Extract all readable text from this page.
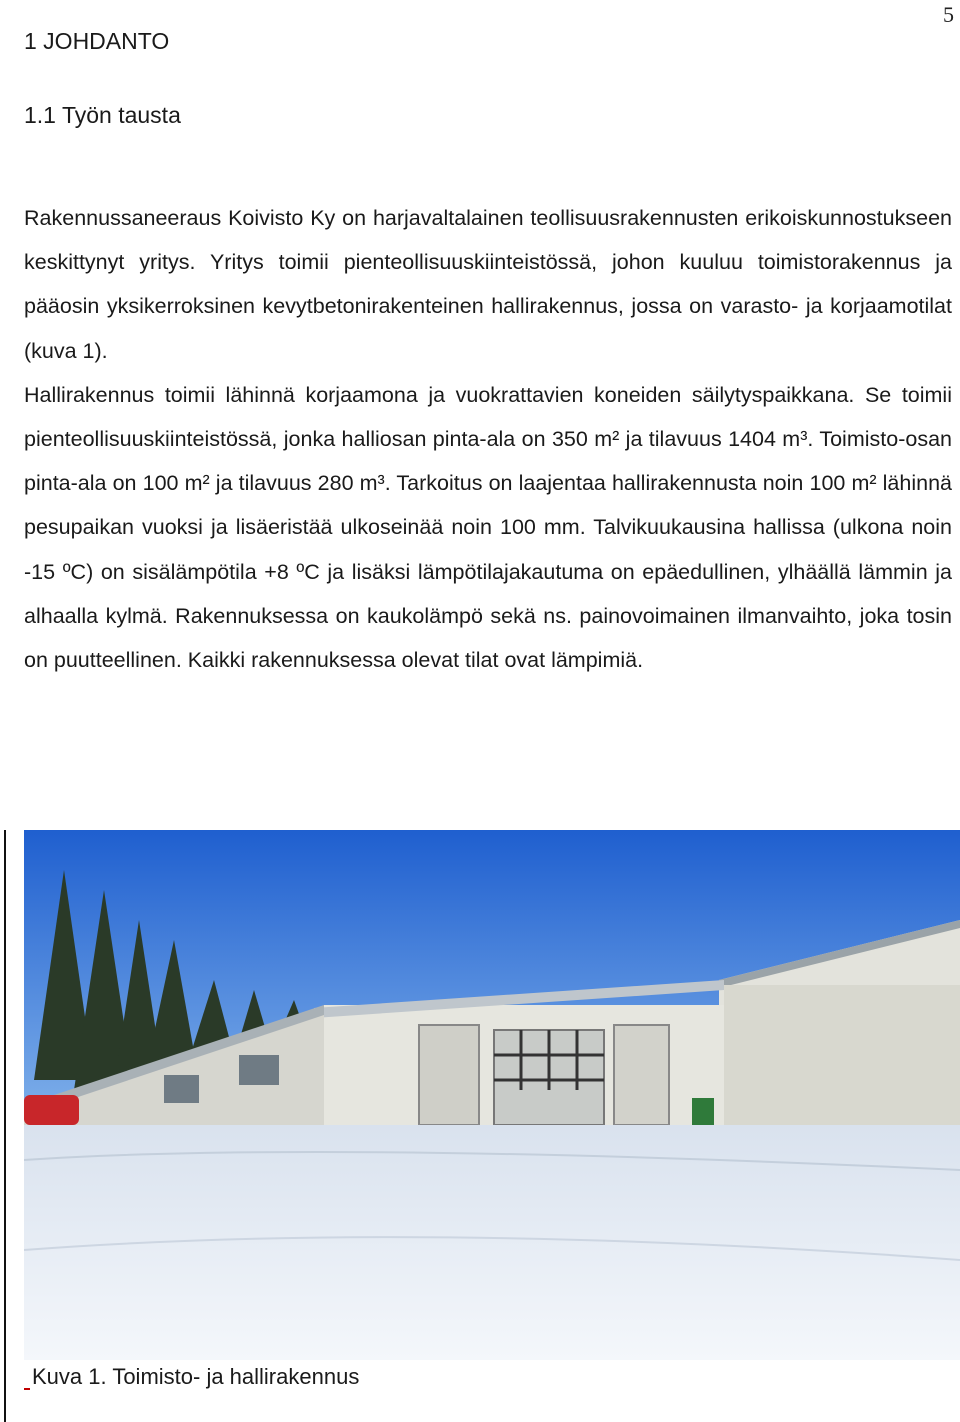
5
1 JOHDANTO
1.1 Työn tausta

Rakennussaneeraus Koivisto Ky on harjavaltalainen teollisuusrakennusten erikoiskunnostukseen keskittynyt yritys. Yritys toimii pienteollisuuskiinteistössä, johon kuuluu toimistorakennus ja pääosin yksikerroksinen kevytbetonirakenteinen hallirakennus, jossa on varasto- ja korjaamotilat (kuva 1).

Hallirakennus toimii lähinnä korjaamona ja vuokrattavien koneiden säilytyspaikkana. Se toimii pienteollisuuskiinteistössä, jonka halliosan pinta-ala on 350 m² ja tilavuus 1404 m³. Toimisto-osan pinta-ala on 100 m² ja tilavuus 280 m³. Tarkoitus on laajentaa hallirakennusta noin 100 m² lähinnä pesupaikan vuoksi ja lisäeristää ulkoseinää noin 100 mm. Talvikuukausina hallissa (ulkona noin -15 ºC) on sisälämpötila +8 ºC ja lisäksi lämpötilajakautuma on epäedullinen, ylhäällä lämmin ja alhaalla kylmä. Rakennuksessa on kaukolämpö sekä ns. painovoimainen ilmanvaihto, joka tosin on puutteellinen. Kaikki rakennuksessa olevat tilat ovat lämpimiä.

Kuva 1. Toimisto- ja hallirakennus
